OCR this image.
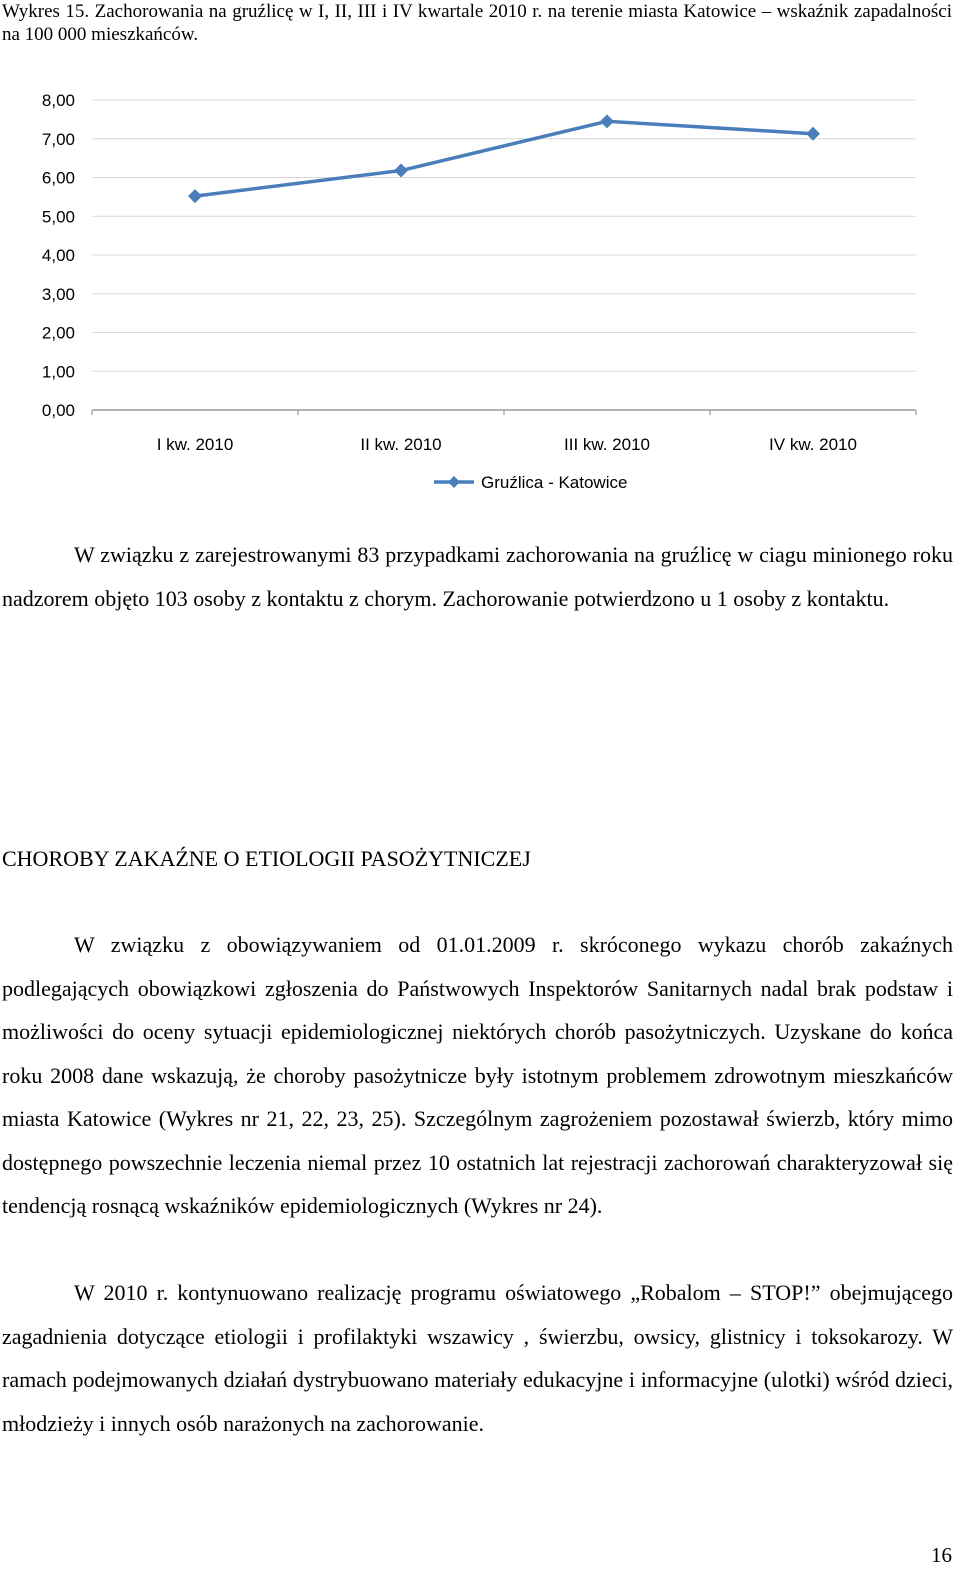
Wykres 15. Zachorowania na gruźlicę w I, II, III i IV kwartale 2010 r. na terenie miasta Katowice – wskaźnik zapadalności na 100 000 mieszkańców.
0,00
1,00
2,00
3,00
4,00
5,00
6,00
7,00
8,00
I kw. 2010	II kw. 2010	III kw. 2010	IV kw. 2010
Gruźlica - Katowice
W związku z zarejestrowanymi 83 przypadkami zachorowania na gruźlicę w ciagu minionego roku nadzorem objęto 103 osoby z kontaktu z chorym. Zachorowanie potwierdzono u 1 osoby z kontaktu.
CHOROBY ZAKAŹNE O ETIOLOGII PASOŻYTNICZEJ
W związku z obowiązywaniem od 01.01.2009 r. skróconego wykazu chorób zakaźnych podlegających obowiązkowi zgłoszenia do Państwowych Inspektorów Sanitarnych nadal brak podstaw i możliwości do oceny sytuacji epidemiologicznej niektórych chorób pasożytniczych. Uzyskane do końca roku 2008 dane wskazują, że choroby pasożytnicze były istotnym problemem zdrowotnym mieszkańców miasta Katowice (Wykres nr 21, 22, 23, 25). Szczególnym zagrożeniem pozostawał świerzb, który mimo dostępnego powszechnie leczenia niemal przez 10 ostatnich lat rejestracji zachorowań charakteryzował się tendencją rosnącą wskaźników epidemiologicznych (Wykres nr 24).
W 2010 r. kontynuowano realizację programu oświatowego „Robalom – STOP!” obejmującego zagadnienia dotyczące etiologii i profilaktyki wszawicy , świerzbu, owsicy, glistnicy i toksokarozy. W ramach podejmowanych działań dystrybuowano materiały edukacyjne i informacyjne (ulotki) wśród dzieci, młodzieży i innych osób narażonych na zachorowanie.
16
